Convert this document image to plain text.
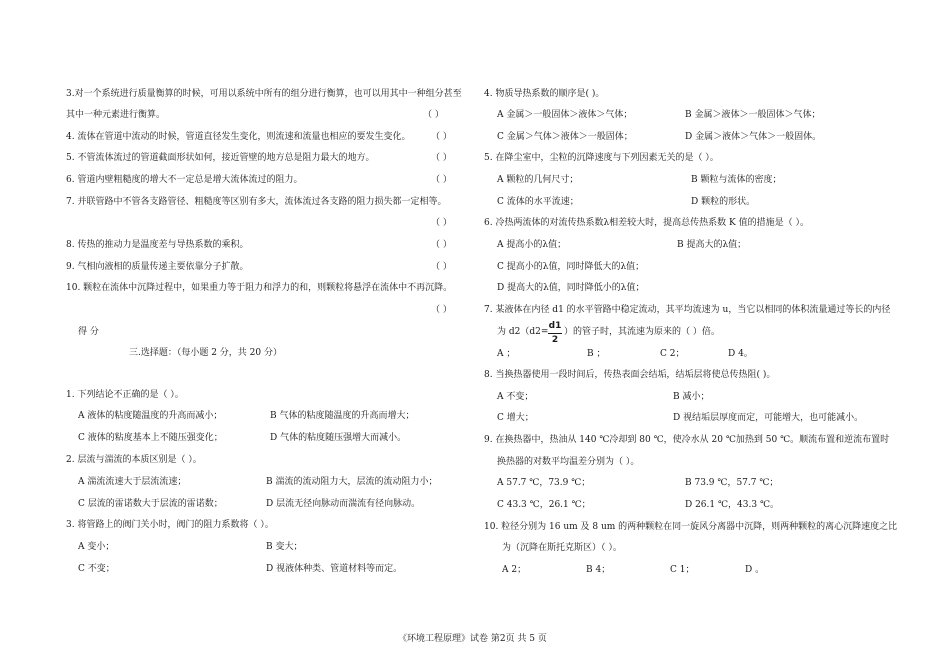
3.对一个系统进行质量衡算的时候，可用以系统中所有的组分进行衡算，也可以用其中一种组分甚至
其中一种元素进行衡算。	（ ）
4. 流体在管道中流动的时候，管道直径发生变化，则流速和流量也相应的要发生变化。 （ ）
5. 不管流体流过的管道截面形状如何，接近管壁的地方总是阻力最大的地方。	（ ）
6. 管道内壁粗糙度的增大不一定总是增大流体流过的阻力。	（ ）
7. 并联管路中不管各支路管径、粗糙度等区别有多大，流体流过各支路的阻力损失都一定相等。
（ ）
8. 传热的推动力是温度差与导热系数的乘积。	（ ）
9. 气相向液相的质量传递主要依靠分子扩散。	（ ）
10. 颗粒在流体中沉降过程中，如果重力等于阻力和浮力的和，则颗粒将悬浮在流体中不再沉降。
（ ）
得 分
三.选择题：（每小题 2 分，共 20 分）
1. 下列结论不正确的是（ ）。
A 液体的粘度随温度的升高而减小；	B 气体的粘度随温度的升高而增大；
C 液体的粘度基本上不随压强变化；	D 气体的粘度随压强增大而减小。
2. 层流与湍流的本质区别是（ ）。
A 湍流流速大于层流流速；	B 湍流的流动阻力大，层流的流动阻力小；
C 层流的雷诺数大于层流的雷诺数；	D 层流无径向脉动而湍流有径向脉动。
3. 将管路上的阀门关小时，阀门的阻力系数将（ ）。
A 变小；	B 变大；
C 不变；	D 视液体种类、管道材料等而定。
4. 物质导热系数的顺序是( )。
A 金属＞一般固体＞液体＞气体；	B 金属＞液体＞一般固体＞气体；
C 金属＞气体＞液体＞一般固体；	D 金属＞液体＞气体＞一般固体。
5. 在降尘室中，尘粒的沉降速度与下列因素无关的是（ ）。
A 颗粒的几何尺寸；	B 颗粒与流体的密度；
C 流体的水平流速；	D 颗粒的形状。
6. 冷热两流体的对流传热系数λ相差较大时，提高总传热系数 K 值的措施是（ ）。
A 提高小的λ值；	B 提高大的λ值；
C 提高小的λ值，同时降低大的λ值；
D 提高大的λ值，同时降低小的λ值；
7. 某液体在内径 d1 的水平管路中稳定流动，其平均流速为 u，当它以相同的体积流量通过等长的内径
为 d2（d2=
d1
2
）的管子时，其流速为原来的（ ）倍。
A ；	B ；	C 2；	D 4。
8. 当换热器使用一段时间后，传热表面会结垢，结垢层将使总传热阻( )。
A 不变；	B 减小；
C 增大；	D 视结垢层厚度而定，可能增大，也可能减小。
9. 在换热器中，热油从 140 ℃冷却到 80 ℃，使冷水从 20 ℃加热到 50 ℃。顺流布置和逆流布置时
换热器的对数平均温差分别为（ ）。
A 57.7 ℃，73.9 ℃；	B 73.9 ℃，57.7 ℃；
C 43.3 ℃，26.1 ℃；	D 26.1 ℃，43.3 ℃。
10. 粒径分别为 16 um 及 8 um 的两种颗粒在同一旋风分离器中沉降，则两种颗粒的离心沉降速度之比
为（沉降在斯托克斯区）（ ）。
A 2；	B 4；	C 1；	D 。
《环境工程原理》试卷 第2页 共 5 页
